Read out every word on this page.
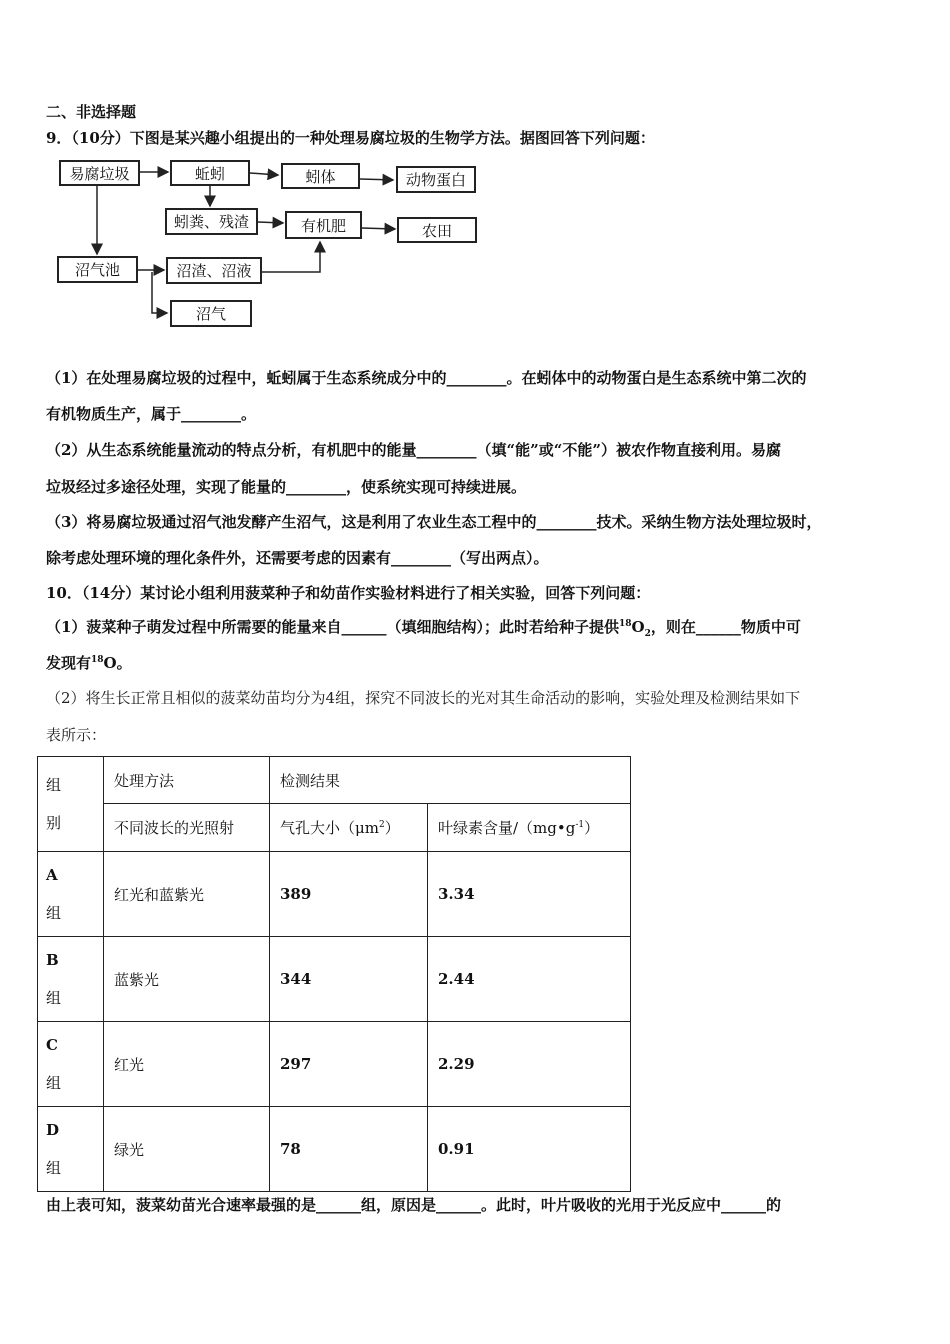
二、非选择题
9．（10分）下图是某兴趣小组提出的一种处理易腐垃圾的生物学方法。据图回答下列问题：
易腐垃圾	蚯蚓	蚓体	动物蛋白
蚓粪、残渣	有机肥	农田
沼气池	沼渣、沼液
沼气
（1）在处理易腐垃圾的过程中，蚯蚓属于生态系统成分中的________。在蚓体中的动物蛋白是生态系统中第二次的
有机物质生产，属于________。
（2）从生态系统能量流动的特点分析，有机肥中的能量________（填“能”或“不能”）被农作物直接利用。易腐
垃圾经过多途径处理，实现了能量的________，使系统实现可持续进展。
（3）将易腐垃圾通过沼气池发酵产生沼气，这是利用了农业生态工程中的________技术。采纳生物方法处理垃圾时，
除考虑处理环境的理化条件外，还需要考虑的因素有________（写出两点）。
10．（14分）某讨论小组利用菠菜种子和幼苗作实验材料进行了相关实验，回答下列问题：
（1）菠菜种子萌发过程中所需要的能量来自______（填细胞结构）；此时若给种子提供$^{18}O_2$，则在______物质中可
发现有$^{18}$O。
（2）将生长正常且相似的菠菜幼苗均分为4组，探究不同波长的光对其生命活动的影响，实验处理及检测结果如下
表所示：
组
别	处理方法	检测结果	
	不同波长的光照射	气孔大小$(\mu m^2)$	叶绿素含量$/(mg•g^{-1})$

A
组	红光和蓝紫光	389	3.34

B
组	蓝紫光	344	2.44

C
组	红光	297	2.29

D
组	绿光	78	0.91
由上表可知，菠菜幼苗光合速率最强的是______组，原因是______。此时，叶片吸收的光用于光反应中______的
